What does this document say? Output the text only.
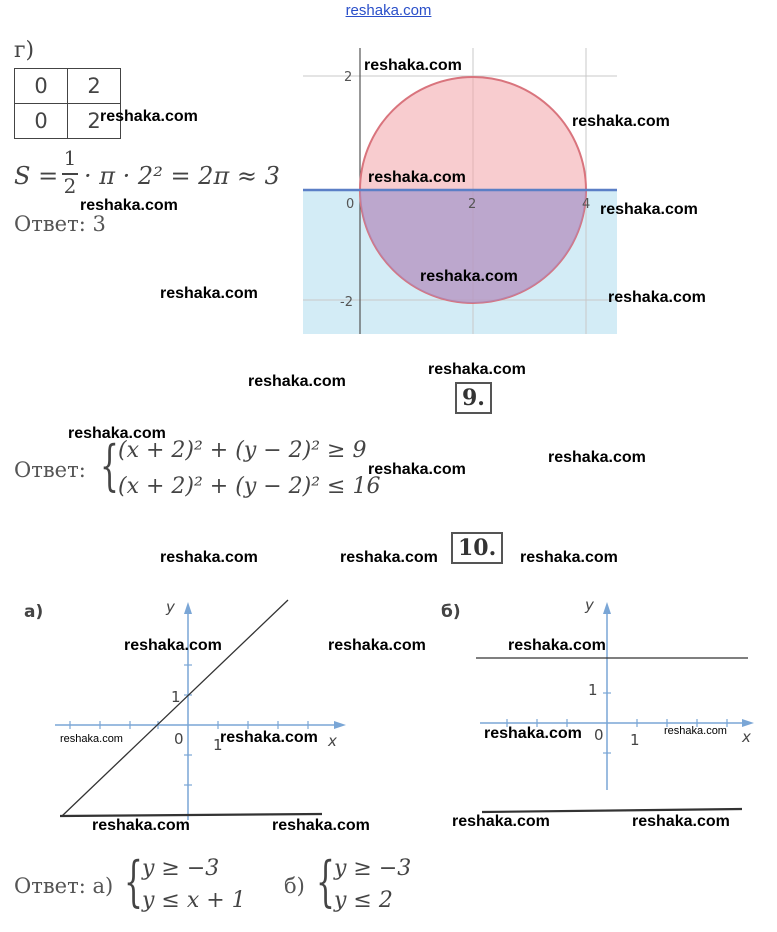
reshaka.com
г)
0	2
0	2
S =
1
2 · π · 2² = 2π ≈ 3
Ответ: 3
2
-2
0	2	4
9.
Ответ: { (x + 2)² + (y − 2)² ≥ 9
(x + 2)² + (y − 2)² ≤ 16
10.
а)	y
x
1
1
0
б)	y
x
1
1
0
Ответ: а) { y ≥ −3
y ≤ x + 1
б) { y ≥ −3
y ≤ 2
reshaka.com
reshaka.com
reshaka.com
reshaka.com
reshaka.com	reshaka.com
reshaka.com
reshaka.com	reshaka.com
reshaka.com
reshaka.com
reshaka.com
reshaka.com
reshaka.com
reshaka.com	reshaka.com	reshaka.com
reshaka.com	reshaka.com	reshaka.com
reshaka.com	reshaka.com	reshaka.com	reshaka.com
reshaka.com	reshaka.com
reshaka.com	reshaka.com
